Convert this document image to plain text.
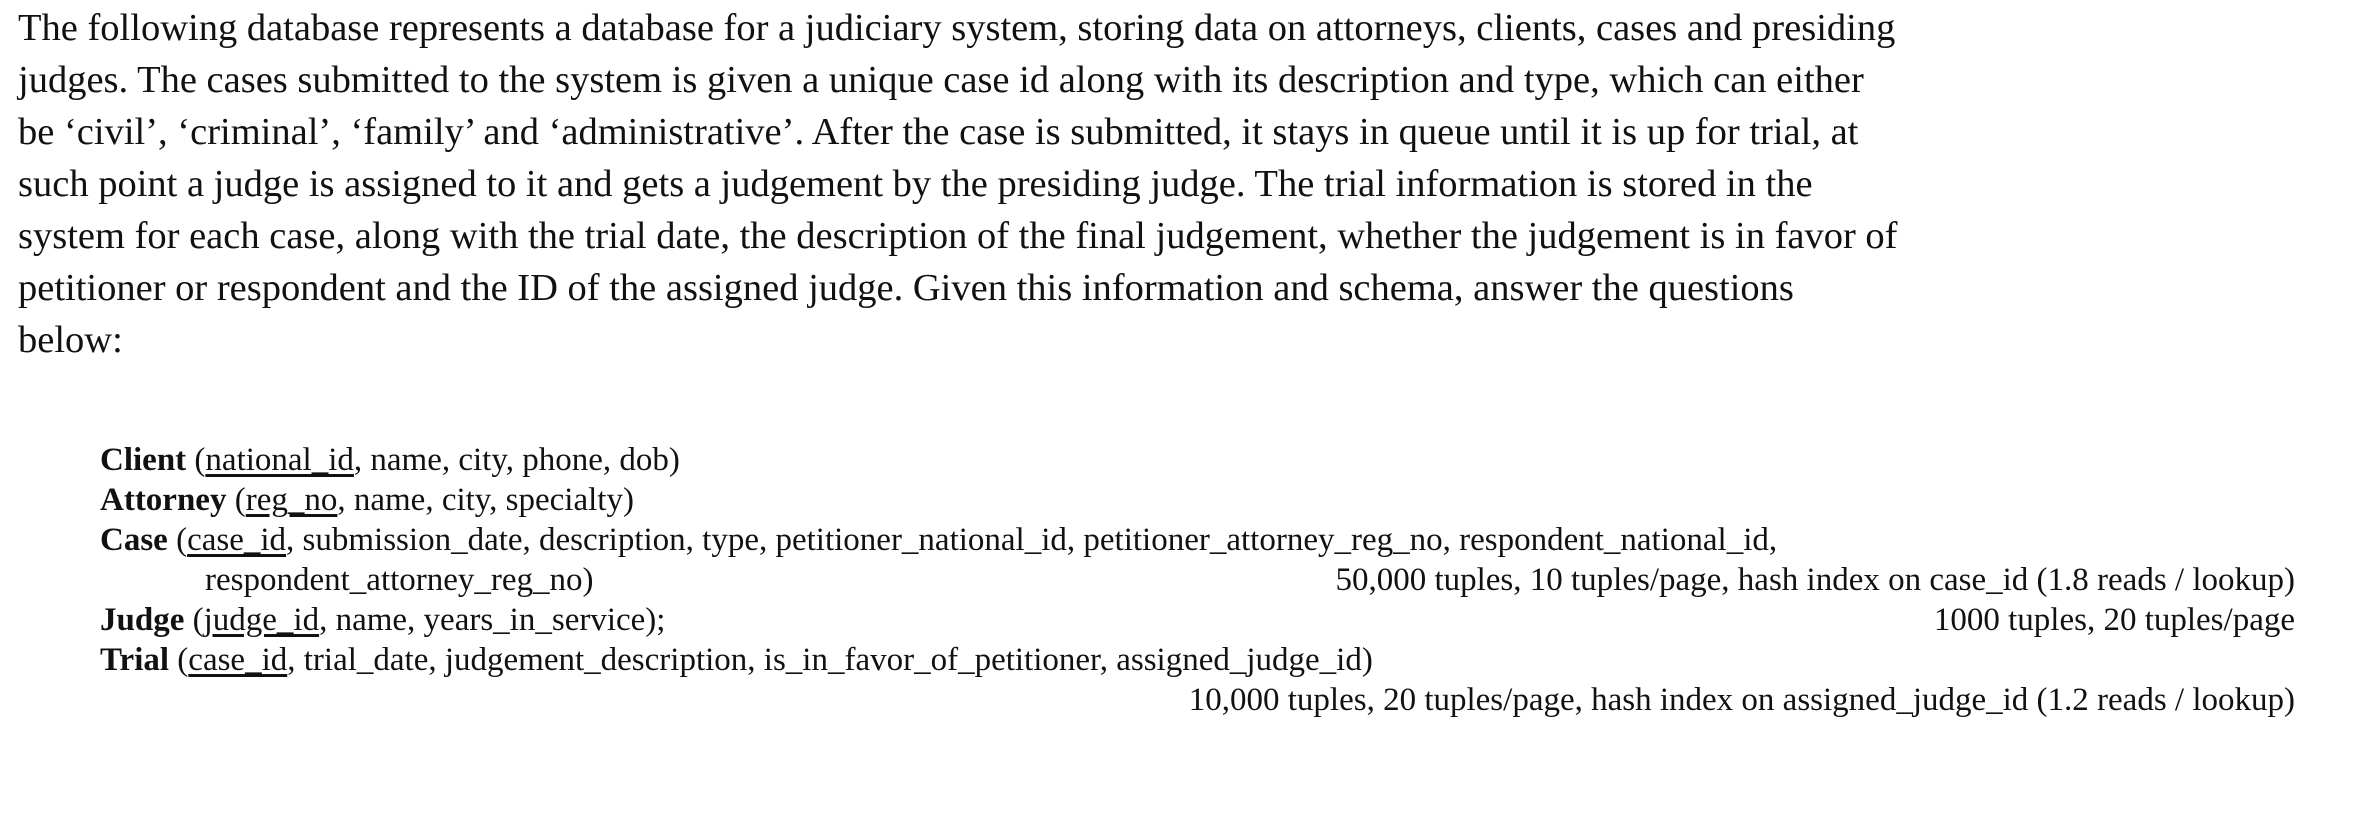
The following database represents a database for a judiciary system, storing data on attorneys, clients, cases and presiding
judges. The cases submitted to the system is given a unique case id along with its description and type, which can either
be ‘civil’, ‘criminal’, ‘family’ and ‘administrative’. After the case is submitted, it stays in queue until it is up for trial, at
such point a judge is assigned to it and gets a judgement by the presiding judge. The trial information is stored in the
system for each case, along with the trial date, the description of the final judgement, whether the judgement is in favor of
petitioner or respondent and the ID of the assigned judge. Given this information and schema, answer the questions
below:
Client ( national_id , name, city, phone, dob)
Attorney ( reg_no , name, city, specialty)
Case ( case_id , submission_date, description, type, petitioner_national_id, petitioner_attorney_reg_no, respondent_national_id,
respondent_attorney_reg_no)	50,000 tuples, 10 tuples/page, hash index on case_id (1.8 reads / lookup)
Judge ( judge_id , name, years_in_service);	1000 tuples, 20 tuples/page
Trial ( case_id , trial_date, judgement_description, is_in_favor_of_petitioner, assigned_judge_id)
10,000 tuples, 20 tuples/page, hash index on assigned_judge_id (1.2 reads / lookup)
